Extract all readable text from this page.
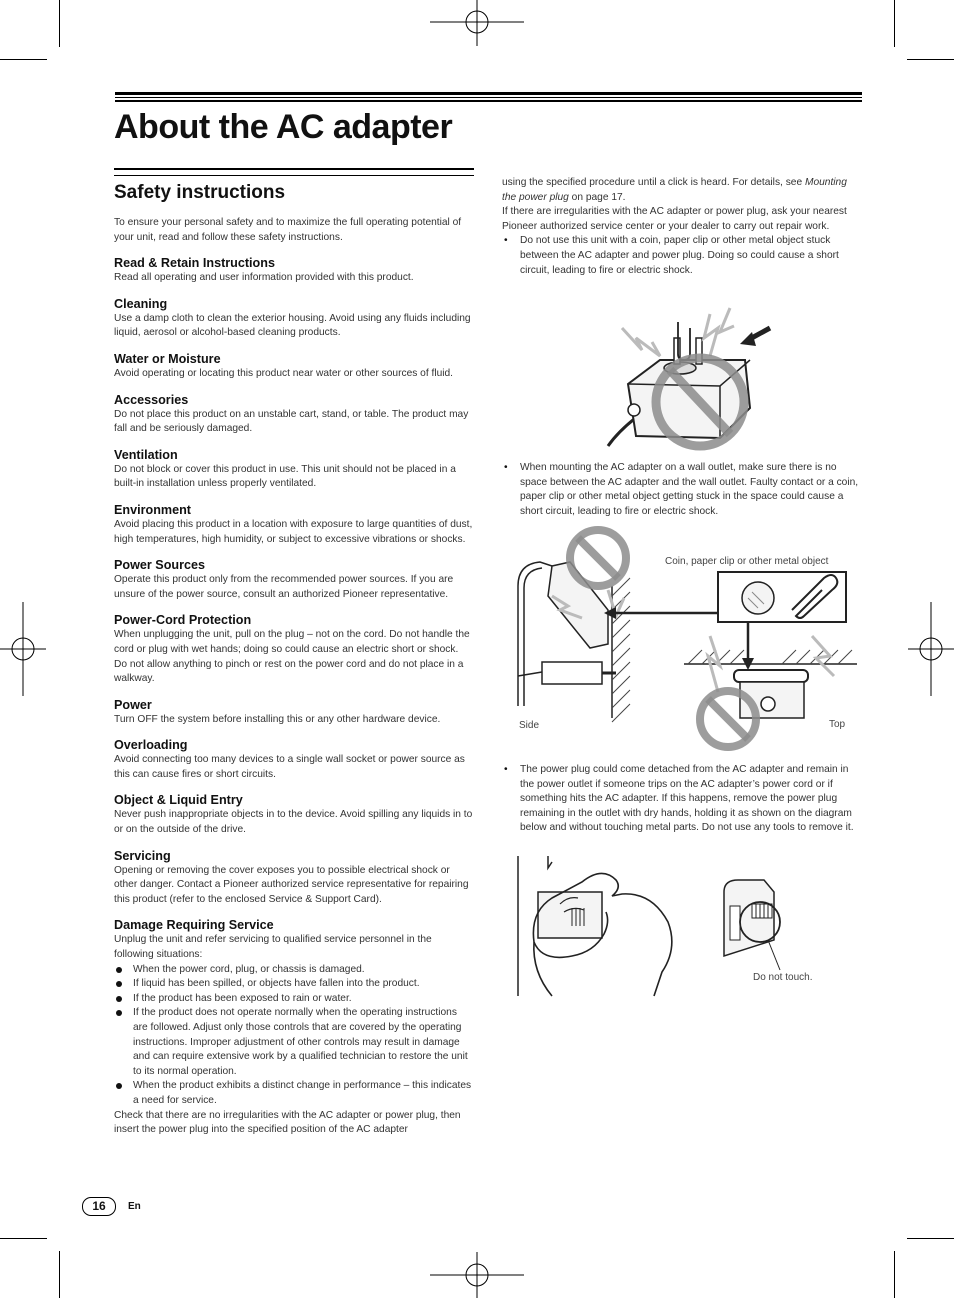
About the AC adapter
Safety instructions

To ensure your personal safety and to maximize the full operating potential of your unit, read and follow these safety instructions.

Read & Retain Instructions

Read all operating and user information provided with this product.

Cleaning

Use a damp cloth to clean the exterior housing. Avoid using any fluids including liquid, aerosol or alcohol-based cleaning products.

Water or Moisture

Avoid operating or locating this product near water or other sources of fluid.

Accessories

Do not place this product on an unstable cart, stand, or table. The product may fall and be seriously damaged.

Ventilation

Do not block or cover this product in use. This unit should not be placed in a built-in installation unless properly ventilated.

Environment

Avoid placing this product in a location with exposure to large quantities of dust, high temperatures, high humidity, or subject to excessive vibrations or shocks.

Power Sources

Operate this product only from the recommended power sources. If you are unsure of the power source, consult an authorized Pioneer representative.

Power-Cord Protection

When unplugging the unit, pull on the plug – not on the cord. Do not handle the cord or plug with wet hands; doing so could cause an electric short or shock. Do not allow anything to pinch or rest on the power cord and do not place in a walkway.

Power

Turn OFF the system before installing this or any other hardware device.

Overloading

Avoid connecting too many devices to a single wall socket or power source as this can cause fires or short circuits.

Object & Liquid Entry

Never push inappropriate objects in to the device. Avoid spilling any liquids in to or on the outside of the drive.

Servicing

Opening or removing the cover exposes you to possible electrical shock or other danger. Contact a Pioneer authorized service representative for repairing this product (refer to the enclosed Service & Support Card).

Damage Requiring Service

Unplug the unit and refer servicing to qualified service personnel in the following situations:

When the power cord, plug, or chassis is damaged.
If liquid has been spilled, or objects have fallen into the product.
If the product has been exposed to rain or water.
If the product does not operate normally when the operating instructions are followed. Adjust only those controls that are covered by the operating instructions. Improper adjustment of other controls may result in damage and can require extensive work by a qualified technician to restore the unit to its normal operation.
When the product exhibits a distinct change in performance – this indicates a need for service.

Check that there are no irregularities with the AC adapter or power plug, then insert the power plug into the specified position of the AC adapter

using the specified procedure until a click is heard. For details, see Mounting the power plug on page 17.

If there are irregularities with the AC adapter or power plug, ask your nearest Pioneer authorized service center or your dealer to carry out repair work.

• Do not use this unit with a coin, paper clip or other metal object stuck between the AC adapter and power plug. Doing so could cause a short circuit, leading to fire or electric shock.
• When mounting the AC adapter on a wall outlet, make sure there is no space between the AC adapter and the wall outlet. Faulty contact or a coin, paper clip or other metal object getting stuck in the space could cause a short circuit, leading to fire or electric shock.
Coin, paper clip or other metal object
Side	Top
• The power plug could come detached from the AC adapter and remain in the power outlet if someone trips on the AC adapter’s power cord or if something hits the AC adapter. If this happens, remove the power plug remaining in the outlet with dry hands, holding it as shown on the diagram below and without touching metal parts. Do not use any tools to remove it.
Do not touch.
16	En
